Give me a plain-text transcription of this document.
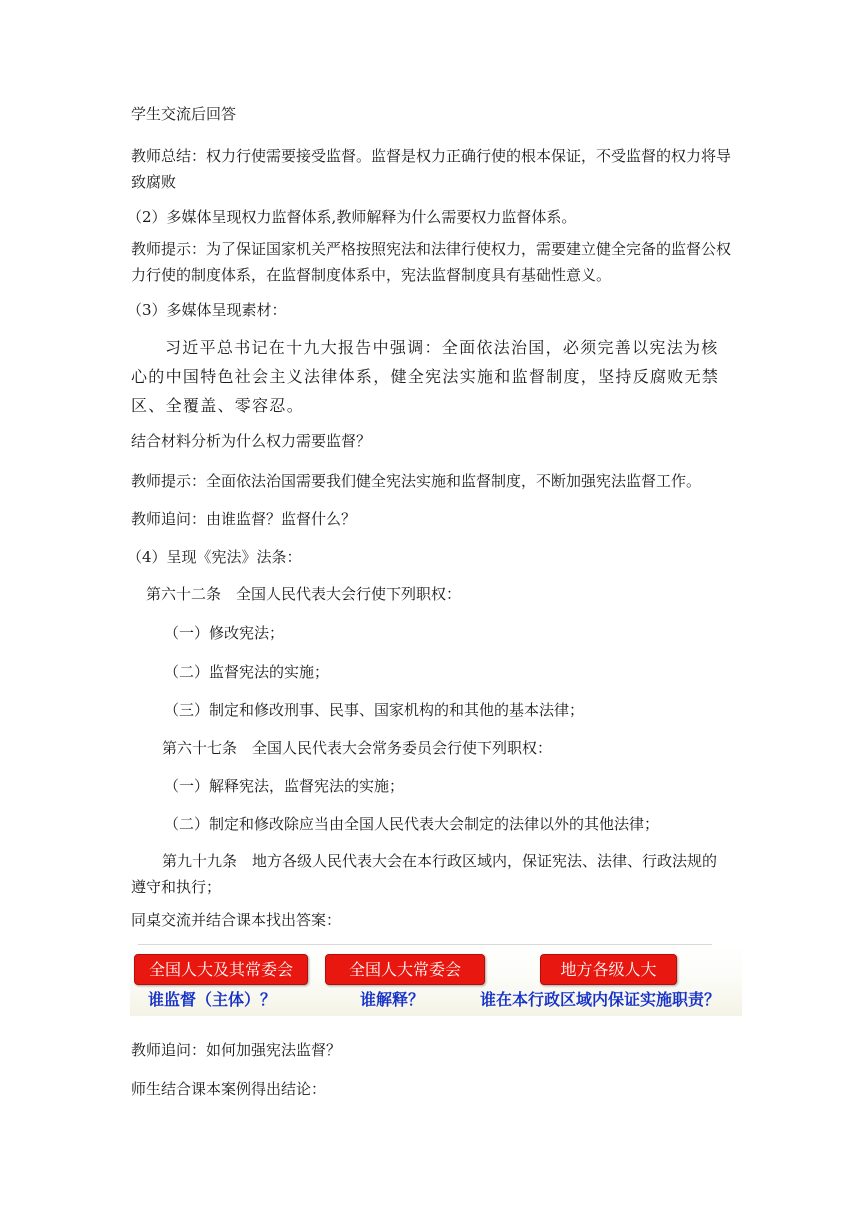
学生交流后回答
教师总结：权力行使需要接受监督。监督是权力正确行使的根本保证，不受监督的权力将导致腐败
（2）多媒体呈现权力监督体系,教师解释为什么需要权力监督体系。
教师提示：为了保证国家机关严格按照宪法和法律行使权力，需要建立健全完备的监督公权力行使的制度体系，在监督制度体系中，宪法监督制度具有基础性意义。
（3）多媒体呈现素材：
习近平总书记在十九大报告中强调：全面依法治国，必须完善以宪法为核心的中国特色社会主义法律体系，健全宪法实施和监督制度，坚持反腐败无禁区、全覆盖、零容忍。
结合材料分析为什么权力需要监督？
教师提示：全面依法治国需要我们健全宪法实施和监督制度，不断加强宪法监督工作。
教师追问：由谁监督？监督什么？
（4）呈现《宪法》法条：
第六十二条　全国人民代表大会行使下列职权：
（一）修改宪法；
（二）监督宪法的实施；
（三）制定和修改刑事、民事、国家机构的和其他的基本法律；
第六十七条　全国人民代表大会常务委员会行使下列职权：
（一）解释宪法，监督宪法的实施；
（二）制定和修改除应当由全国人民代表大会制定的法律以外的其他法律；
第九十九条　地方各级人民代表大会在本行政区域内，保证宪法、法律、行政法规的遵守和执行；
同桌交流并结合课本找出答案：
全国人大及其常委会	全国人大常委会	地方各级人大
谁监督（主体）？	谁解释？	谁在本行政区域内保证实施职责？
教师追问：如何加强宪法监督？
师生结合课本案例得出结论：
